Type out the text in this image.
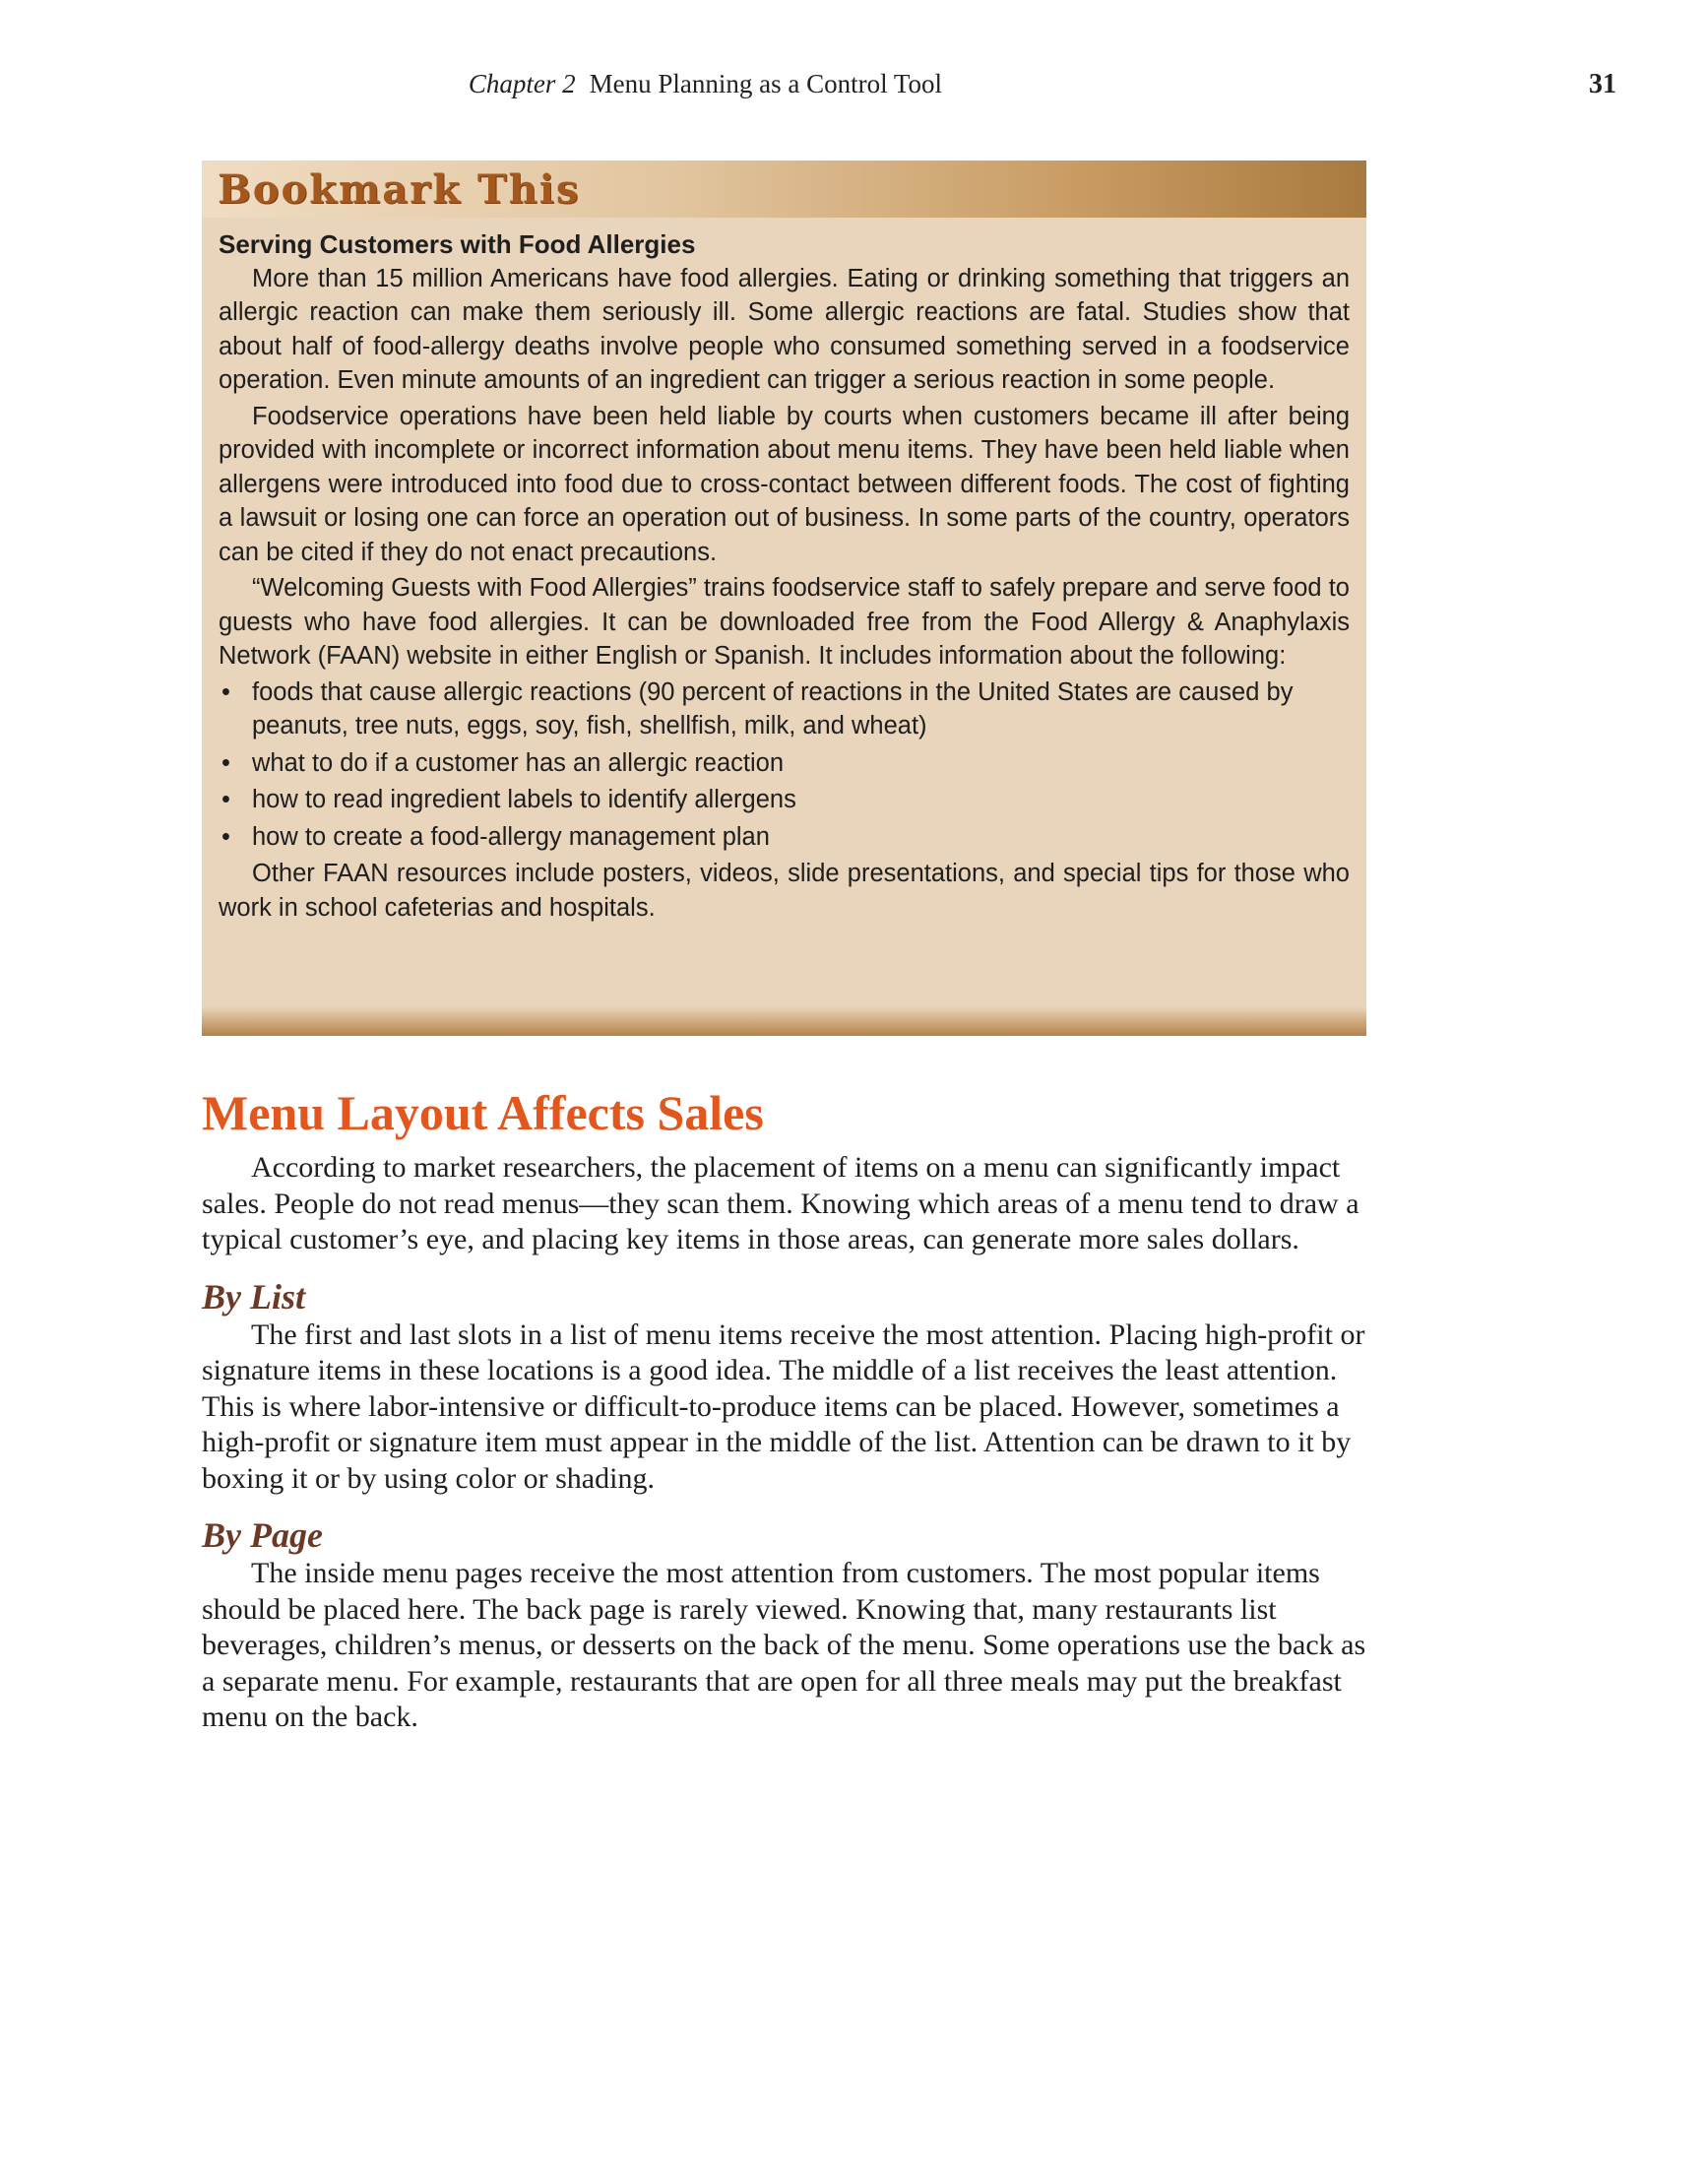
Chapter 2 Menu Planning as a Control Tool	31
Bookmark This
Serving Customers with Food Allergies

More than 15 million Americans have food allergies. Eating or drinking something that triggers an allergic reaction can make them seriously ill. Some allergic reactions are fatal. Studies show that about half of food-allergy deaths involve people who consumed something served in a foodservice operation. Even minute amounts of an ingredient can trigger a serious reaction in some people.

Foodservice operations have been held liable by courts when customers became ill after being provided with incomplete or incorrect information about menu items. They have been held liable when allergens were introduced into food due to cross-contact between different foods. The cost of fighting a lawsuit or losing one can force an operation out of business. In some parts of the country, operators can be cited if they do not enact precautions.

“Welcoming Guests with Food Allergies” trains foodservice staff to safely prepare and serve food to guests who have food allergies. It can be downloaded free from the Food Allergy & Anaphylaxis Network (FAAN) website in either English or Spanish. It includes information about the following:

• foods that cause allergic reactions (90 percent of reactions in the United States are caused by peanuts, tree nuts, eggs, soy, fish, shellfish, milk, and wheat)
• what to do if a customer has an allergic reaction
• how to read ingredient labels to identify allergens
• how to create a food-allergy management plan

Other FAAN resources include posters, videos, slide presentations, and special tips for those who work in school cafeterias and hospitals.

Menu Layout Affects Sales

According to market researchers, the placement of items on a menu can significantly impact sales. People do not read menus—they scan them. Knowing which areas of a menu tend to draw a typical customer’s eye, and placing key items in those areas, can generate more sales dollars.

By List

The first and last slots in a list of menu items receive the most attention. Placing high-profit or signature items in these locations is a good idea. The middle of a list receives the least attention. This is where labor-intensive or difficult-to-produce items can be placed. However, sometimes a high-profit or signature item must appear in the middle of the list. Attention can be drawn to it by boxing it or by using color or shading.

By Page

The inside menu pages receive the most attention from customers. The most popular items should be placed here. The back page is rarely viewed. Knowing that, many restaurants list beverages, children’s menus, or desserts on the back of the menu. Some operations use the back as a separate menu. For example, restaurants that are open for all three meals may put the breakfast menu on the back.
